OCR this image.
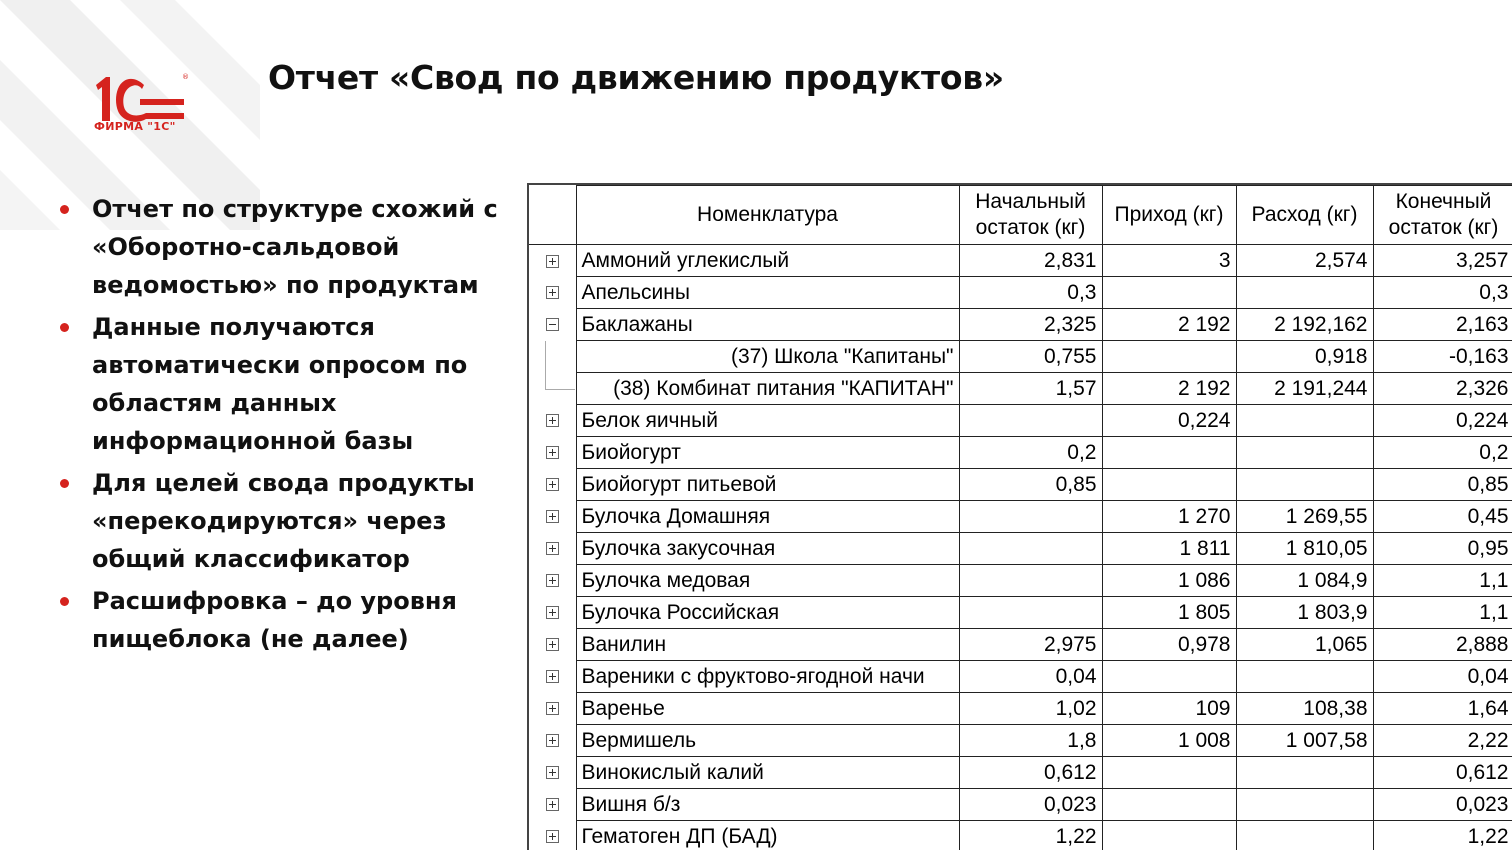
®
ФИРМА "1С"
Отчет «Свод по движению продуктов»
Отчет по структуре схожий с «Оборотно-сальдовой ведомостью» по продуктам
Данные получаются автоматически опросом по областям данных информационной базы
Для целей свода продукты «перекодируются» через общий классификатор
Расшифровка – до уровня пищеблока (не далее)
	Номенклатура	Начальный остаток (кг)	Приход (кг)	Расход (кг)	Конечный остаток (кг)
	Аммоний углекислый	2,831	3	2,574	3,257
	Апельсины	0,3			0,3
	Баклажаны	2,325	2 192	2 192,162	2,163

	(37) Школа "Капитаны"	0,755		0,918	-0,163

	(38) Комбинат питания "КАПИТАН"	1,57	2 192	2 191,244	2,326
	Белок яичный		0,224		0,224
	Биойогурт	0,2			0,2
	Биойогурт питьевой	0,85			0,85
	Булочка Домашняя		1 270	1 269,55	0,45
	Булочка закусочная		1 811	1 810,05	0,95
	Булочка медовая		1 086	1 084,9	1,1
	Булочка Российская		1 805	1 803,9	1,1
	Ванилин	2,975	0,978	1,065	2,888
	Вареники с фруктово-ягодной начи	0,04			0,04
	Варенье	1,02	109	108,38	1,64
	Вермишель	1,8	1 008	1 007,58	2,22
	Винокислый калий	0,612			0,612
	Вишня б/з	0,023			0,023
	Гематоген ДП (БАД)	1,22			1,22
